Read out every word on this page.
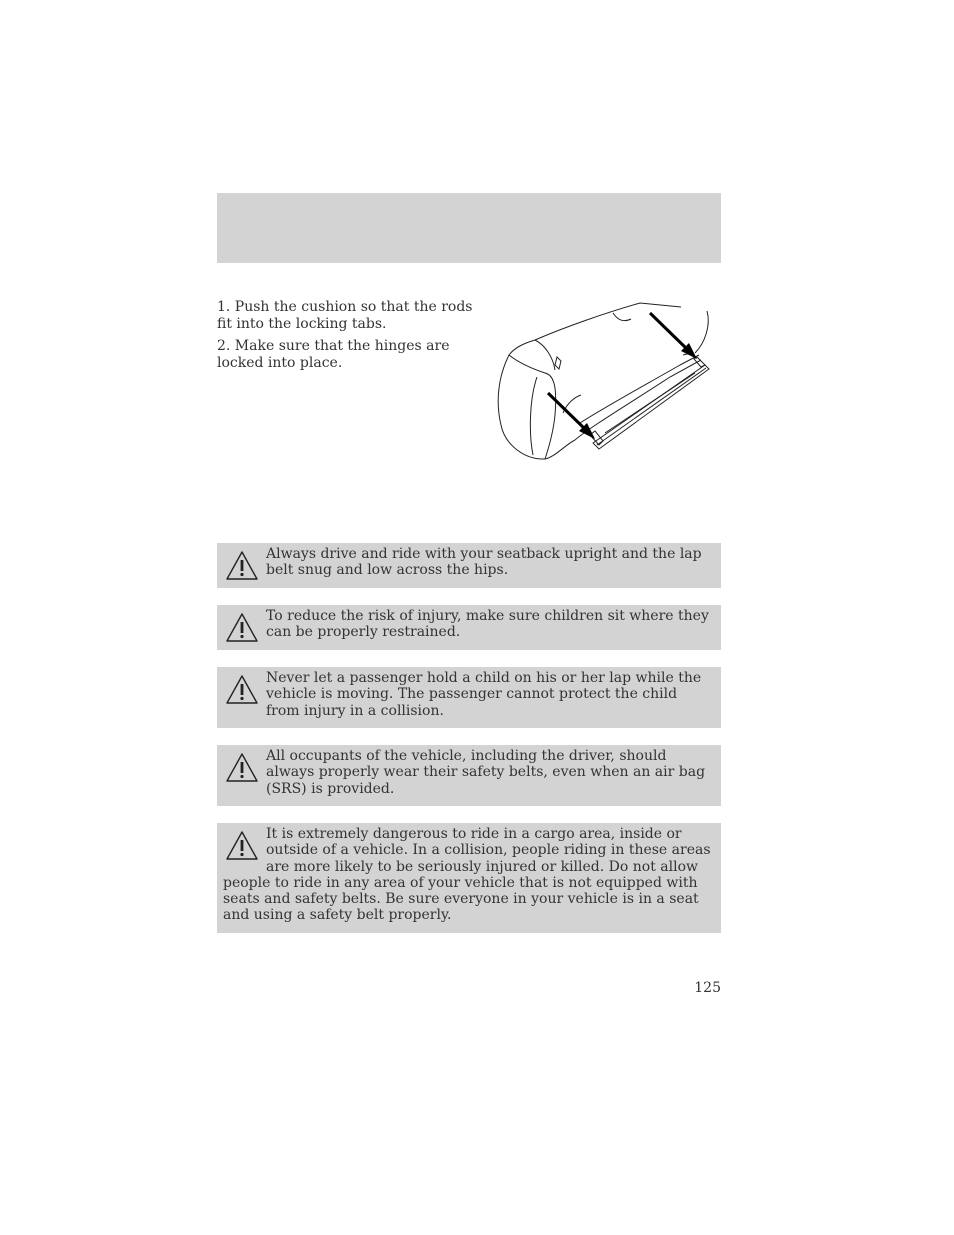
1. Push the cushion so that the rods fit into the locking tabs.

2. Make sure that the hinges are locked into place.

Always drive and ride with your seatback upright and the lap belt snug and low across the hips.

To reduce the risk of injury, make sure children sit where they can be properly restrained.

Never let a passenger hold a child on his or her lap while the vehicle is moving. The passenger cannot protect the child from injury in a collision.

All occupants of the vehicle, including the driver, should always properly wear their safety belts, even when an air bag (SRS) is provided.

It is extremely dangerous to ride in a cargo area, inside or outside of a vehicle. In a collision, people riding in these areas are more likely to be seriously injured or killed. Do not allow people to ride in any area of your vehicle that is not equipped with seats and safety belts. Be sure everyone in your vehicle is in a seat and using a safety belt properly.

125
